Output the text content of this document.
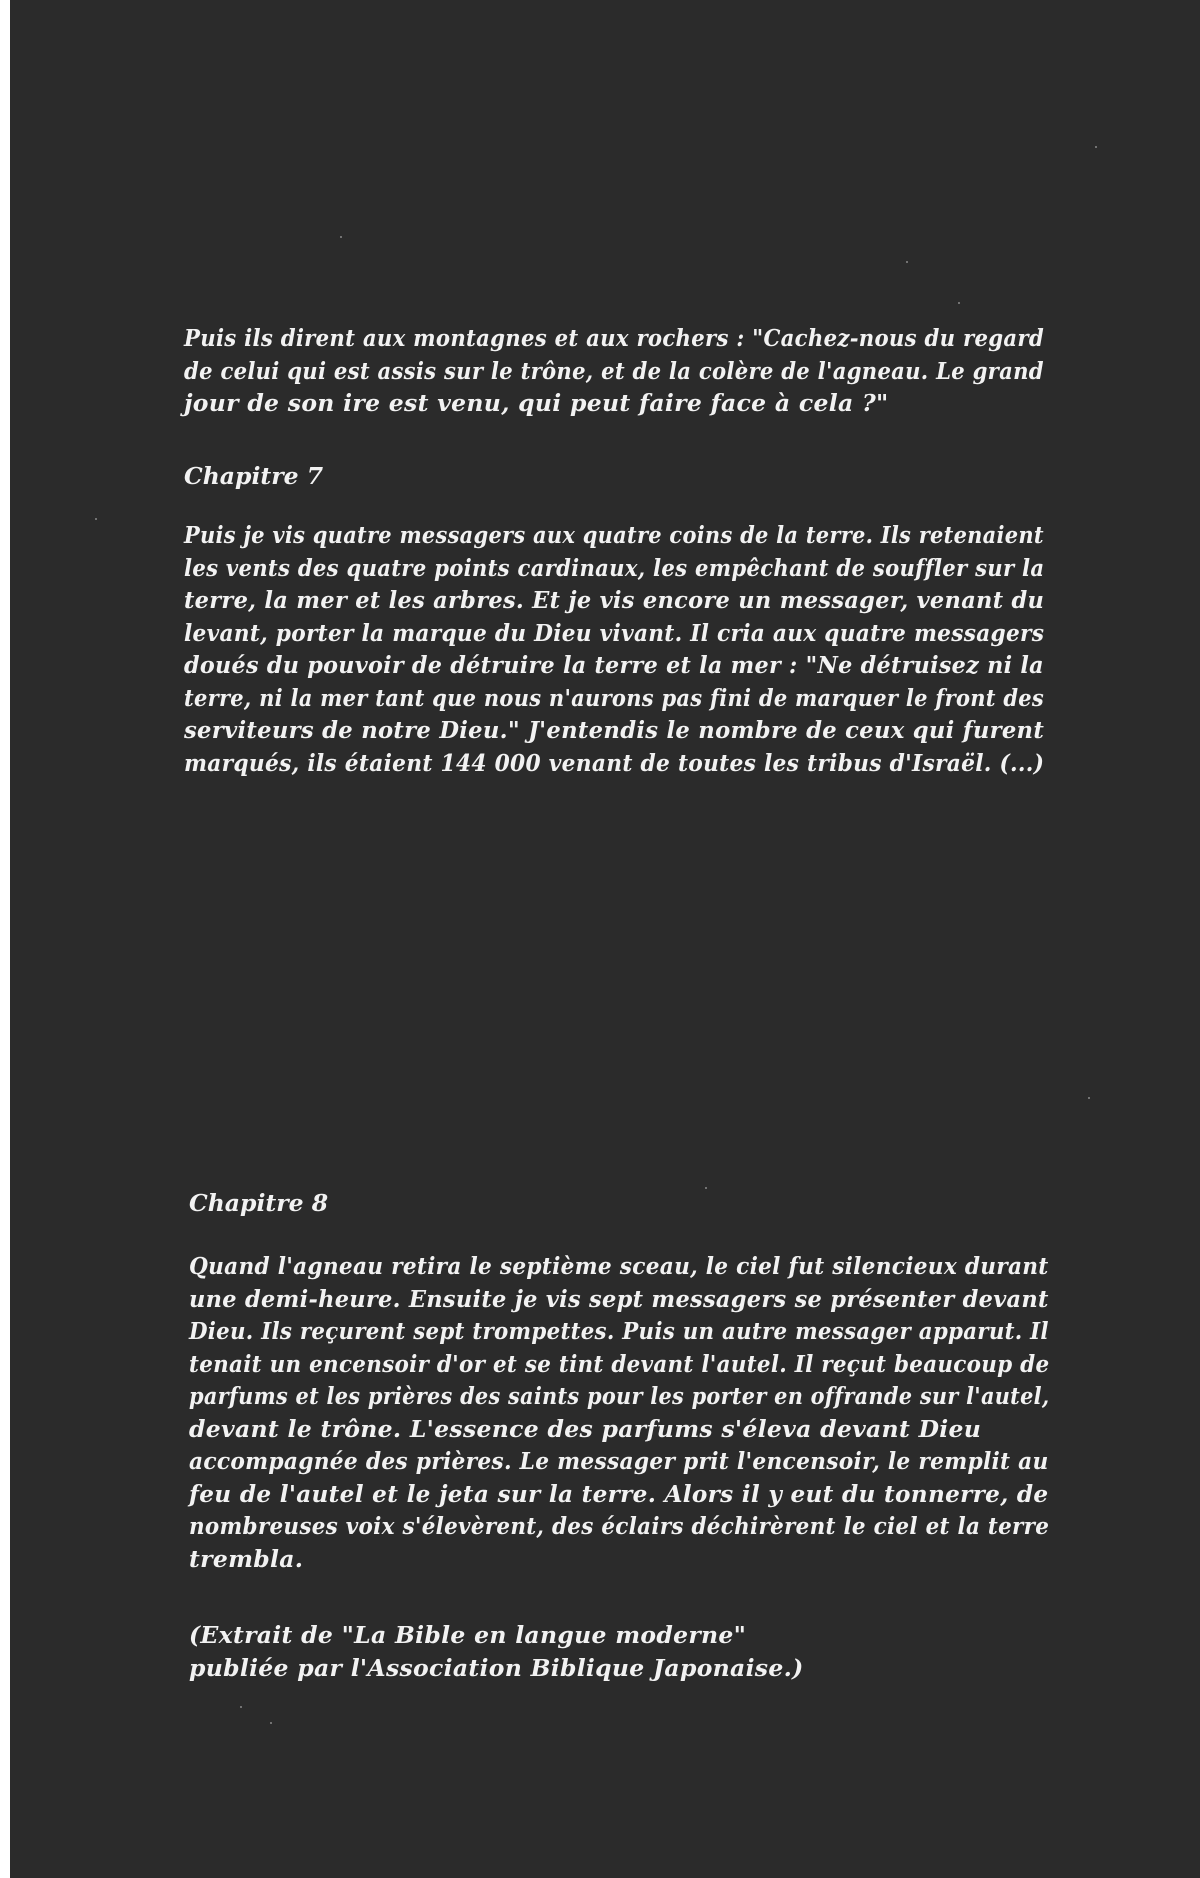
Puis ils dirent aux montagnes et aux rochers : "Cachez-nous du regard
de celui qui est assis sur le trône, et de la colère de l'agneau. Le grand
jour de son ire est venu, qui peut faire face à cela ?"
Chapitre 7
Puis je vis quatre messagers aux quatre coins de la terre. Ils retenaient
les vents des quatre points cardinaux, les empêchant de souffler sur la
terre, la mer et les arbres. Et je vis encore un messager, venant du
levant, porter la marque du Dieu vivant. Il cria aux quatre messagers
doués du pouvoir de détruire la terre et la mer : "Ne détruisez ni la
terre, ni la mer tant que nous n'aurons pas fini de marquer le front des
serviteurs de notre Dieu." J'entendis le nombre de ceux qui furent
marqués, ils étaient 144 000 venant de toutes les tribus d'Israël. (...)
Chapitre 8
Quand l'agneau retira le septième sceau, le ciel fut silencieux durant
une demi-heure. Ensuite je vis sept messagers se présenter devant
Dieu. Ils reçurent sept trompettes. Puis un autre messager apparut. Il
tenait un encensoir d'or et se tint devant l'autel. Il reçut beaucoup de
parfums et les prières des saints pour les porter en offrande sur l'autel,
devant le trône. L'essence des parfums s'éleva devant Dieu
accompagnée des prières. Le messager prit l'encensoir, le remplit au
feu de l'autel et le jeta sur la terre. Alors il y eut du tonnerre, de
nombreuses voix s'élevèrent, des éclairs déchirèrent le ciel et la terre
trembla.
(Extrait de "La Bible en langue moderne"
publiée par l'Association Biblique Japonaise.)
